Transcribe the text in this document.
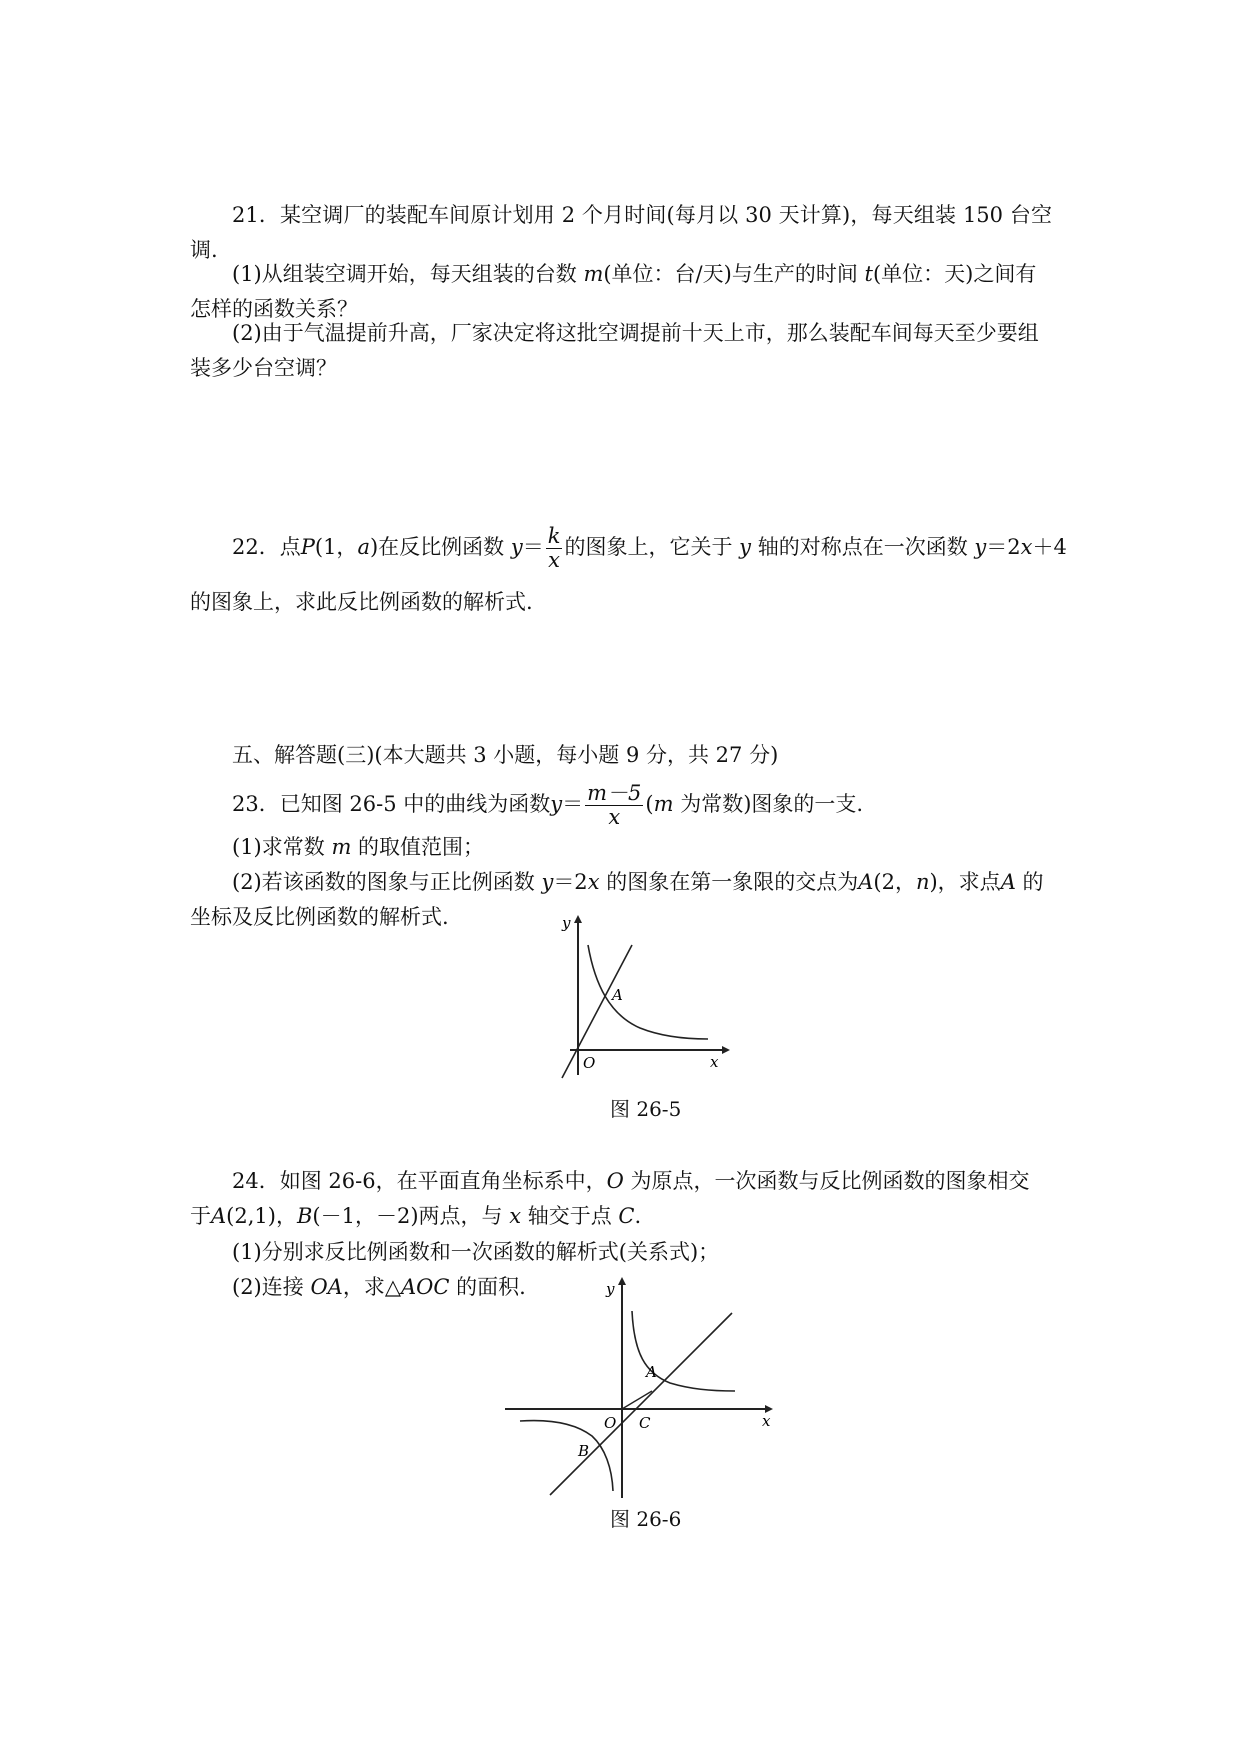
21．某空调厂的装配车间原计划用 2 个月时间(每月以 30 天计算)，每天组装 150 台空调.
(1)从组装空调开始，每天组装的台数 m(单位：台/天)与生产的时间 t(单位：天)之间有怎样的函数关系？
(2)由于气温提前升高，厂家决定将这批空调提前十天上市，那么装配车间每天至少要组装多少台空调？
22．点P(1，a)在反比例函数 $y= \frac{k}{x}$ 的图象上，它关于 y 轴的对称点在一次函数 y＝2x＋4
的图象上，求此反比例函数的解析式.
五、解答题(三)(本大题共 3 小题，每小题 9 分，共 27 分)
23．已知图 26-5 中的曲线为函数$y= \frac{m-5}{x} (m$ 为常数)图象的一支.
(1)求常数 m 的取值范围；
(2)若该函数的图象与正比例函数 y＝2x 的图象在第一象限的交点为A(2，n)，求点A 的
坐标及反比例函数的解析式.	y
x
O
A
图 26-5
24．如图 26-6，在平面直角坐标系中，O 为原点，一次函数与反比例函数的图象相交
于A(2,1)，B(－1，－2)两点，与 x 轴交于点 C.
(1)分别求反比例函数和一次函数的解析式(关系式)；
(2)连接 OA，求△AOC 的面积.	y
x
O
A
B
C
图 26-6
